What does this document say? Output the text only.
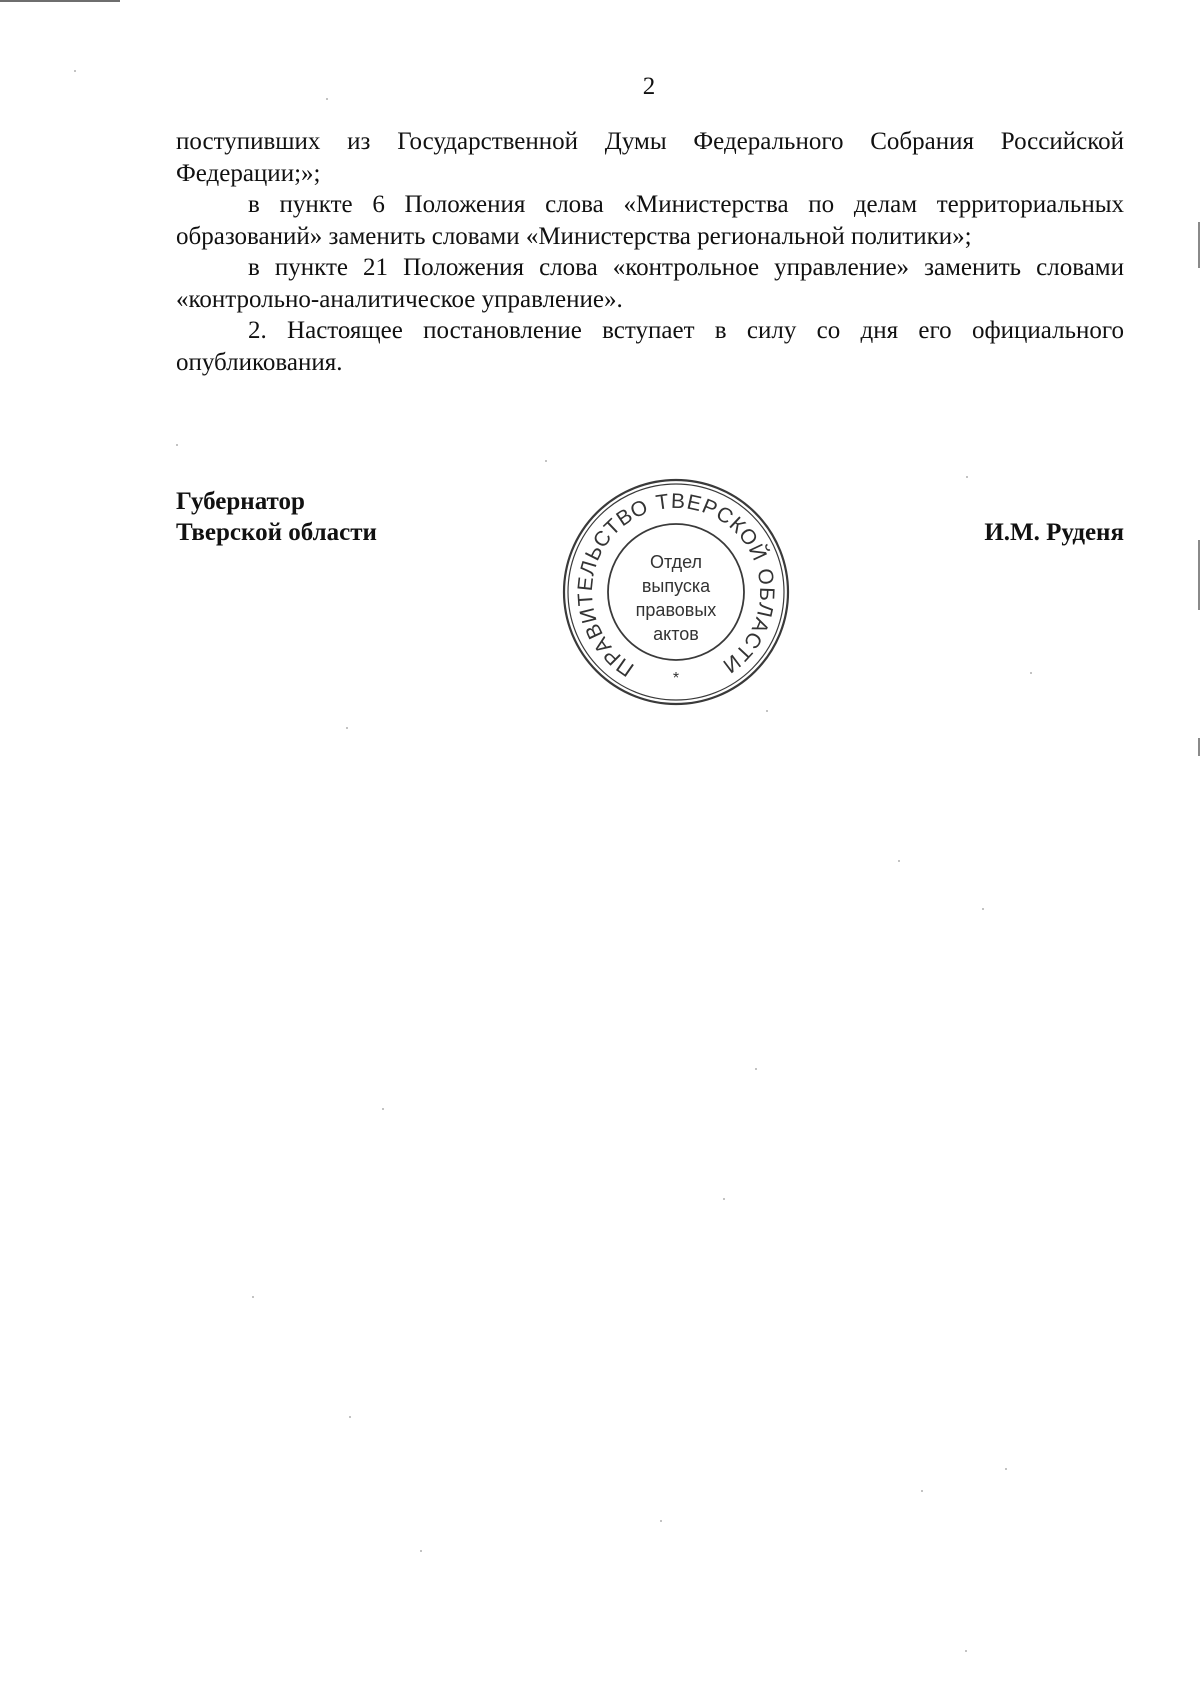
2

поступивших из Государственной Думы Федерального Собрания Российской Федерации;»;

в пункте 6 Положения слова «Министерства по делам территориальных образований» заменить словами «Министерства региональной политики»;

в пункте 21 Положения слова «контрольное управление» заменить словами «контрольно-аналитическое управление».

2. Настоящее постановление вступает в силу со дня его официального опубликования.

Губернатор
Тверской области	И.М. Руденя
ПРАВИТЕЛЬСТВО ТВЕРСКОЙ ОБЛАСТИ
*
Отдел
выпуска
правовых
актов
